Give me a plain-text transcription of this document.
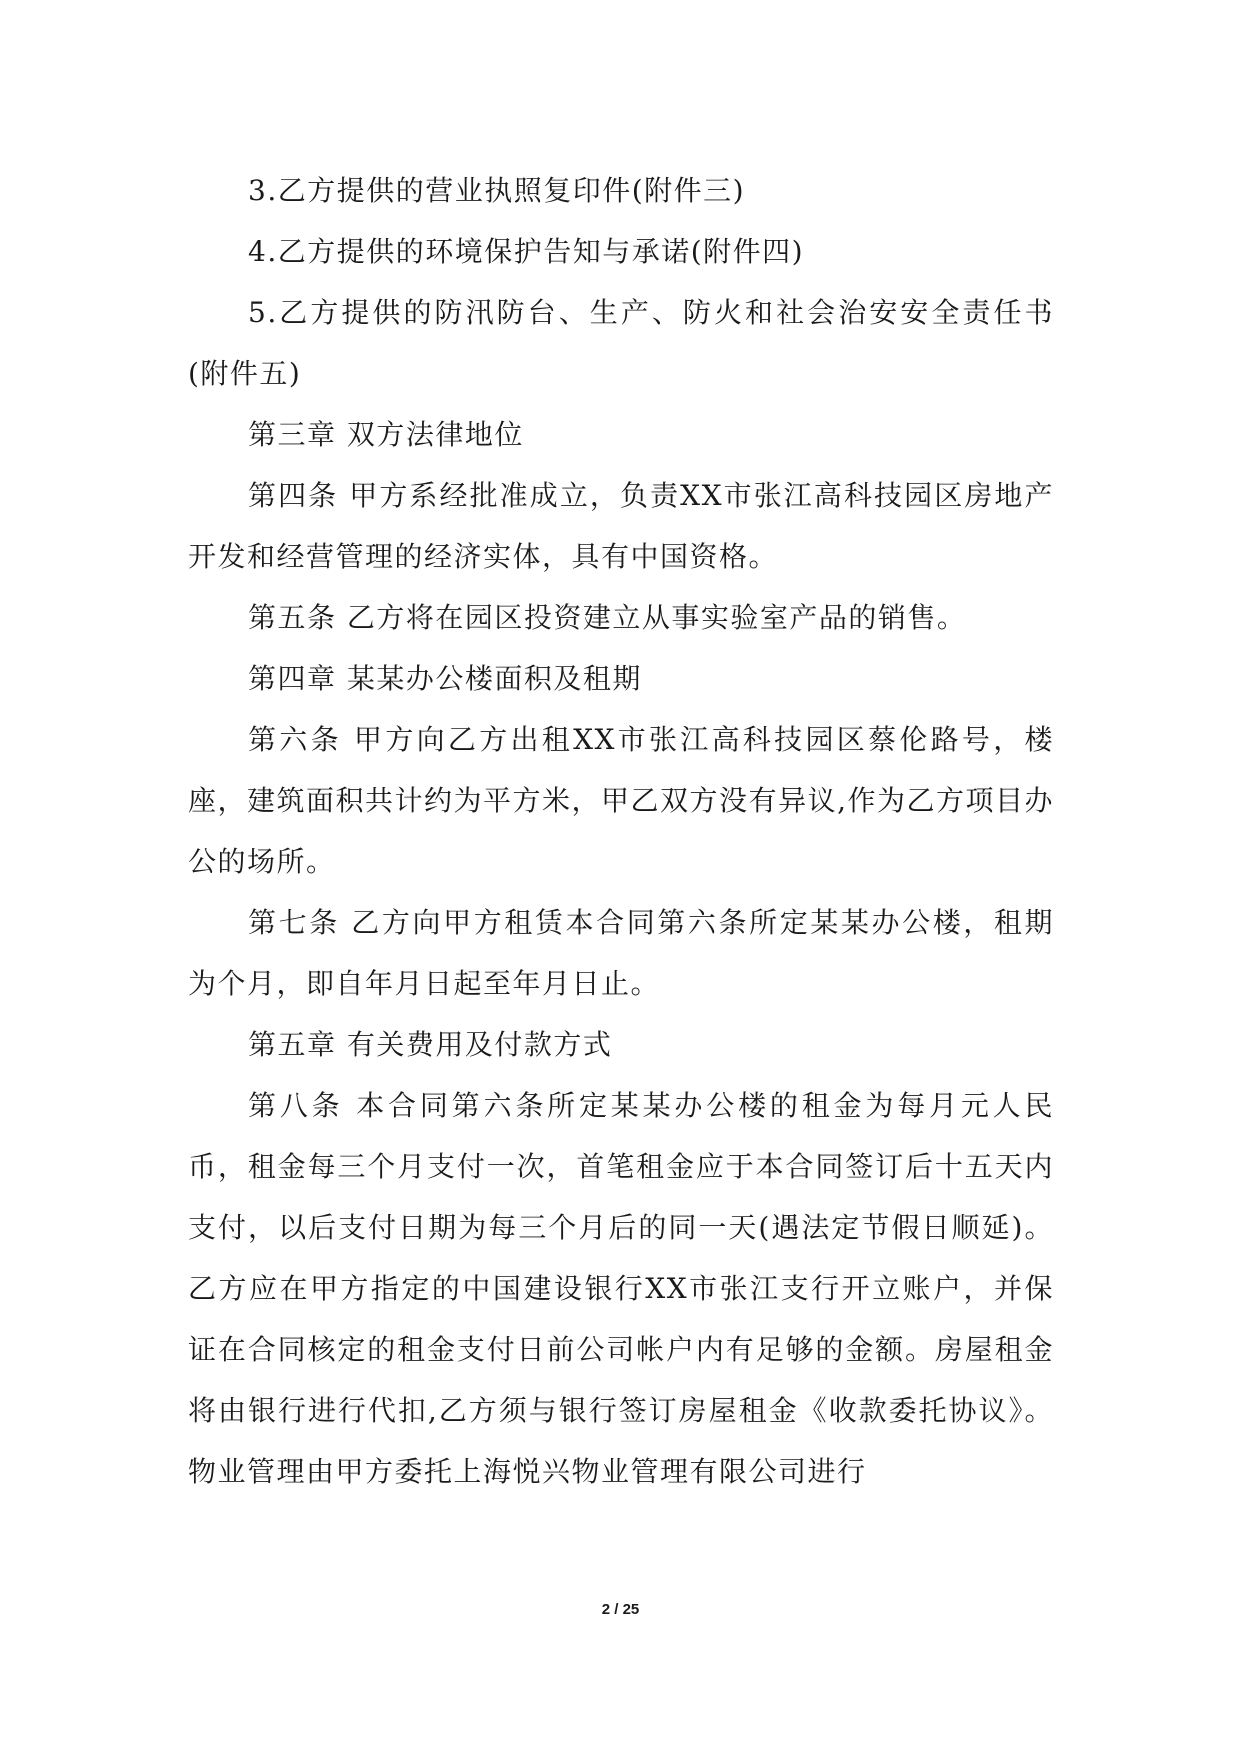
3.乙方提供的营业执照复印件(附件三)

4.乙方提供的环境保护告知与承诺(附件四)

5.乙方提供的防汛防台、生产、防火和社会治安安全责任书(附件五)

第三章 双方法律地位

第四条 甲方系经批准成立，负责XX市张江高科技园区房地产开发和经营管理的经济实体，具有中国资格。

第五条 乙方将在园区投资建立从事实验室产品的销售。

第四章 某某办公楼面积及租期

第六条 甲方向乙方出租XX市张江高科技园区蔡伦路号，楼座，建筑面积共计约为平方米，甲乙双方没有异议,作为乙方项目办公的场所。

第七条 乙方向甲方租赁本合同第六条所定某某办公楼，租期为个月，即自年月日起至年月日止。

第五章 有关费用及付款方式

第八条 本合同第六条所定某某办公楼的租金为每月元人民币，租金每三个月支付一次，首笔租金应于本合同签订后十五天内支付，以后支付日期为每三个月后的同一天(遇法定节假日顺延)。乙方应在甲方指定的中国建设银行XX市张江支行开立账户，并保证在合同核定的租金支付日前公司帐户内有足够的金额。房屋租金将由银行进行代扣,乙方须与银行签订房屋租金《收款委托协议》。物业管理由甲方委托上海悦兴物业管理有限公司进行

2 / 25
